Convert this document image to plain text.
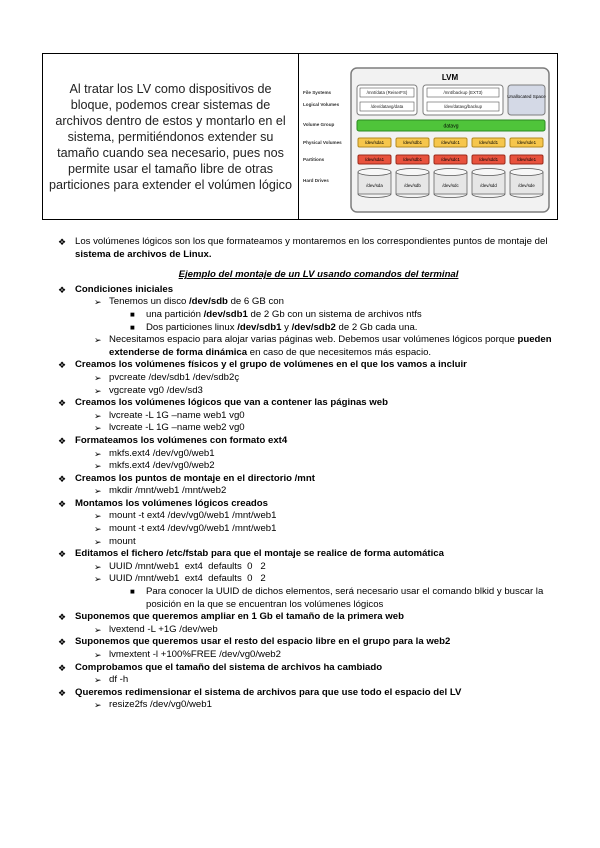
Al tratar los LV como dispositivos de bloque, podemos crear sistemas de archivos dentro de estos y montarlo en el sistema, permitiéndonos extender su tamaño cuando sea necesario, pues nos permite usar el tamaño libre de otras particiones para extender el volúmen lógico

LVM
File Systems
Logical Volumes
Volume Group
Physical Volumes
Partitions
Hard Drives
/mnt/data (ReiserFS)	/mnt/backup (EXT3)
/dev/datavg/data	/dev/datavg/backup
Unallocated Space
datavg
/dev/sda1	/dev/sdb1	/dev/sdc1	/dev/sdd1	/dev/sde1
/dev/sda1	/dev/sdb1	/dev/sdc1	/dev/sdd1	/dev/sde1
/dev/sda	/dev/sdb	/dev/sdc	/dev/sdd	/dev/sde
❖ Los volúmenes lógicos son los que formateamos y montaremos en los correspondientes puntos de montaje del sistema de archivos de Linux.
Ejemplo del montaje de un LV usando comandos del terminal
❖ Condiciones iniciales
➢ Tenemos un disco /dev/sdb de 6 GB con
■ una partición /dev/sdb1 de 2 Gb con un sistema de archivos ntfs
■ Dos particiones linux /dev/sdb1 y /dev/sdb2 de 2 Gb cada una.
➢ Necesitamos espacio para alojar varias páginas web. Debemos usar volúmenes lógicos porque pueden extenderse de forma dinámica en caso de que necesitemos más espacio.
❖ Creamos los volúmenes físicos y el grupo de volúmenes en el que los vamos a incluir
➢ pvcreate /dev/sdb1 /dev/sdb2ç
➢ vgcreate vg0 /dev/sd3
❖ Creamos los volúmenes lógicos que van a contener las páginas web
➢ lvcreate -L 1G –name web1 vg0
➢ lvcreate -L 1G –name web2 vg0
❖ Formateamos los volúmenes con formato ext4
➢ mkfs.ext4 /dev/vg0/web1
➢ mkfs.ext4 /dev/vg0/web2
❖ Creamos los puntos de montaje en el directorio /mnt
➢ mkdir /mnt/web1 /mnt/web2
❖ Montamos los volúmenes lógicos creados
➢ mount -t ext4 /dev/vg0/web1 /mnt/web1
➢ mount -t ext4 /dev/vg0/web1 /mnt/web1
➢ mount
❖ Editamos el fichero /etc/fstab para que el montaje se realice de forma automática
➢ UUID /mnt/web1  ext4  defaults  0   2
➢ UUID /mnt/web1  ext4  defaults  0   2
■ Para conocer la UUID de dichos elementos, será necesario usar el comando blkid y buscar la posición en la que se encuentran los volúmenes lógicos
❖ Suponemos que queremos ampliar en 1 Gb el tamaño de la primera web
➢ lvextend -L +1G /dev/web
❖ Suponemos que queremos usar el resto del espacio libre en el grupo para la web2
➢ lvmextent -l +100%FREE /dev/vg0/web2
❖ Comprobamos que el tamaño del sistema de archivos ha cambiado
➢ df -h
❖ Queremos redimensionar el sistema de archivos para que use todo el espacio del LV
➢ resize2fs /dev/vg0/web1
